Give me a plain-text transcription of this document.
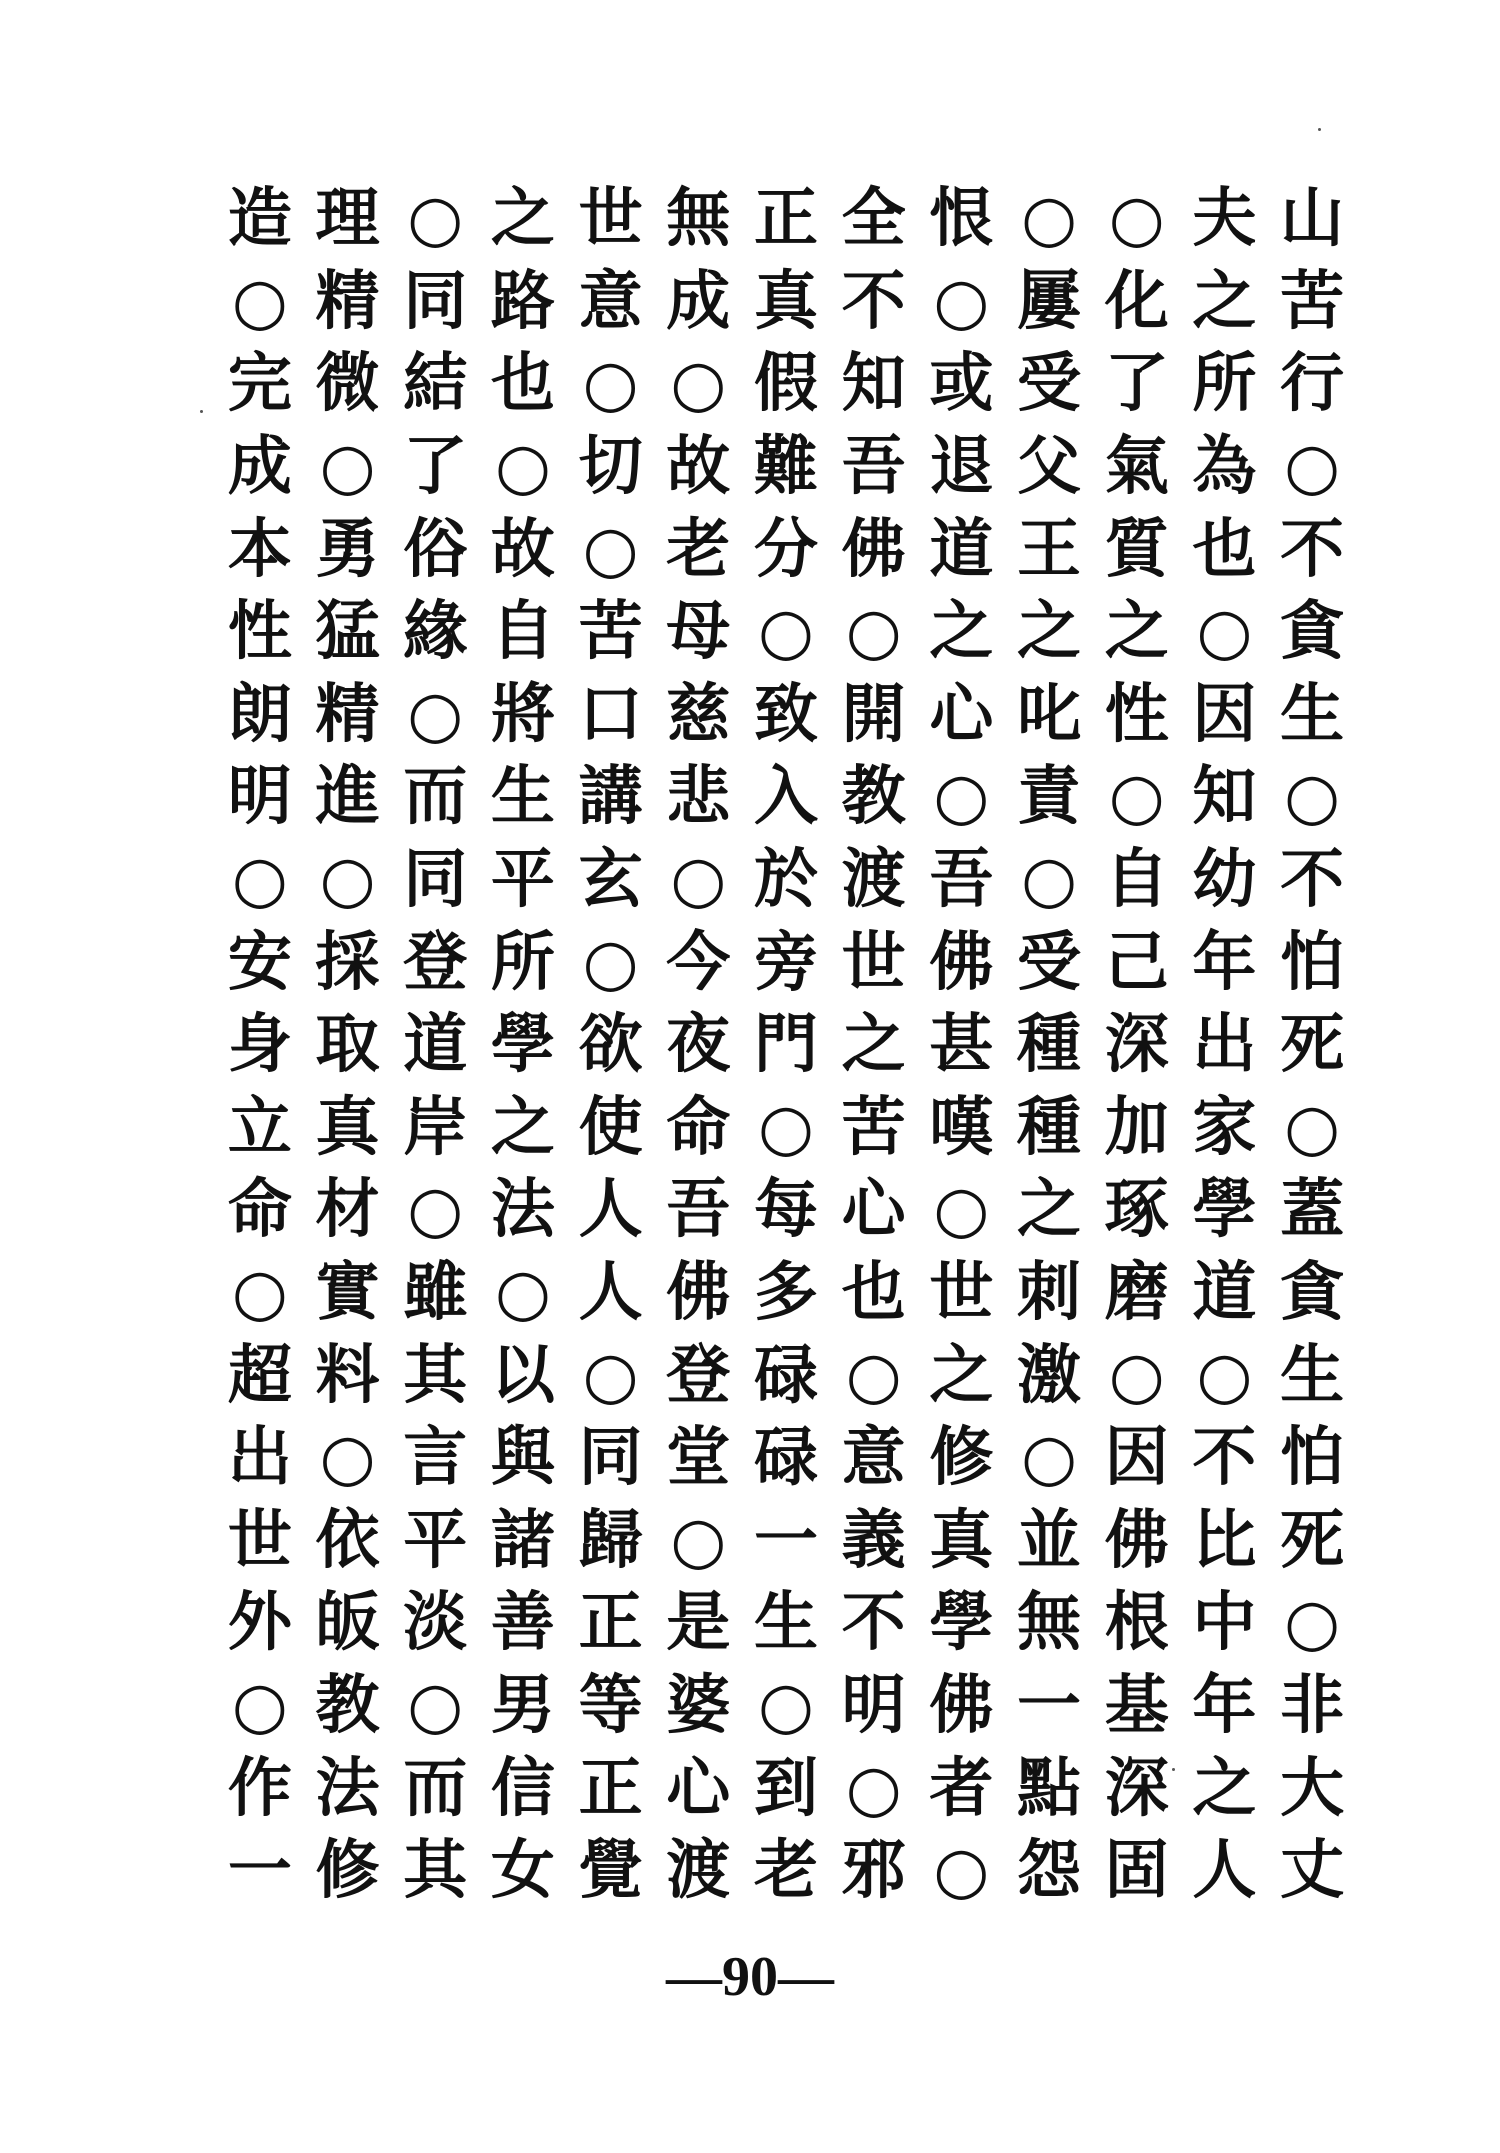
造 理 ○ 之 世 無 正 全 恨 ○ ○ 夫 山
○ 精 同 路 意 成 真 不 ○ 屢 化 之 苦
完 微 結 也 ○ ○ 假 知 或 受 了 所 行
成 ○ 了 ○ 切 故 難 吾 退 父 氣 為 ○
本 勇 俗 故 ○ 老 分 佛 道 王 質 也 不
性 猛 緣 自 苦 母 ○ ○ 之 之 之 ○ 貪
朗 精 ○ 將 口 慈 致 開 心 叱 性 因 生
明 進 而 生 講 悲 入 教 ○ 責 ○ 知 ○
○ ○ 同 平 玄 ○ 於 渡 吾 ○ 自 幼 不
安 採 登 所 ○ 今 旁 世 佛 受 己 年 怕
身 取 道 學 欲 夜 門 之 甚 種 深 出 死
立 真 岸 之 使 命 ○ 苦 嘆 種 加 家 ○
命 材 ○ 法 人 吾 每 心 ○ 之 琢 學 蓋
○ 實 雖 ○ 人 佛 多 也 世 刺 磨 道 貪
超 料 其 以 ○ 登 碌 ○ 之 激 ○ ○ 生
出 ○ 言 與 同 堂 碌 意 修 ○ 因 不 怕
世 依 平 諸 歸 ○ 一 義 真 並 佛 比 死
外 皈 淡 善 正 是 生 不 學 無 根 中 ○
○ 教 ○ 男 等 婆 ○ 明 佛 一 基 年 非
作 法 而 信 正 心 到 ○ 者 點 深 之 大
一 修 其 女 覺 渡 老 邪 ○ 怨 固 人 丈
—90—
